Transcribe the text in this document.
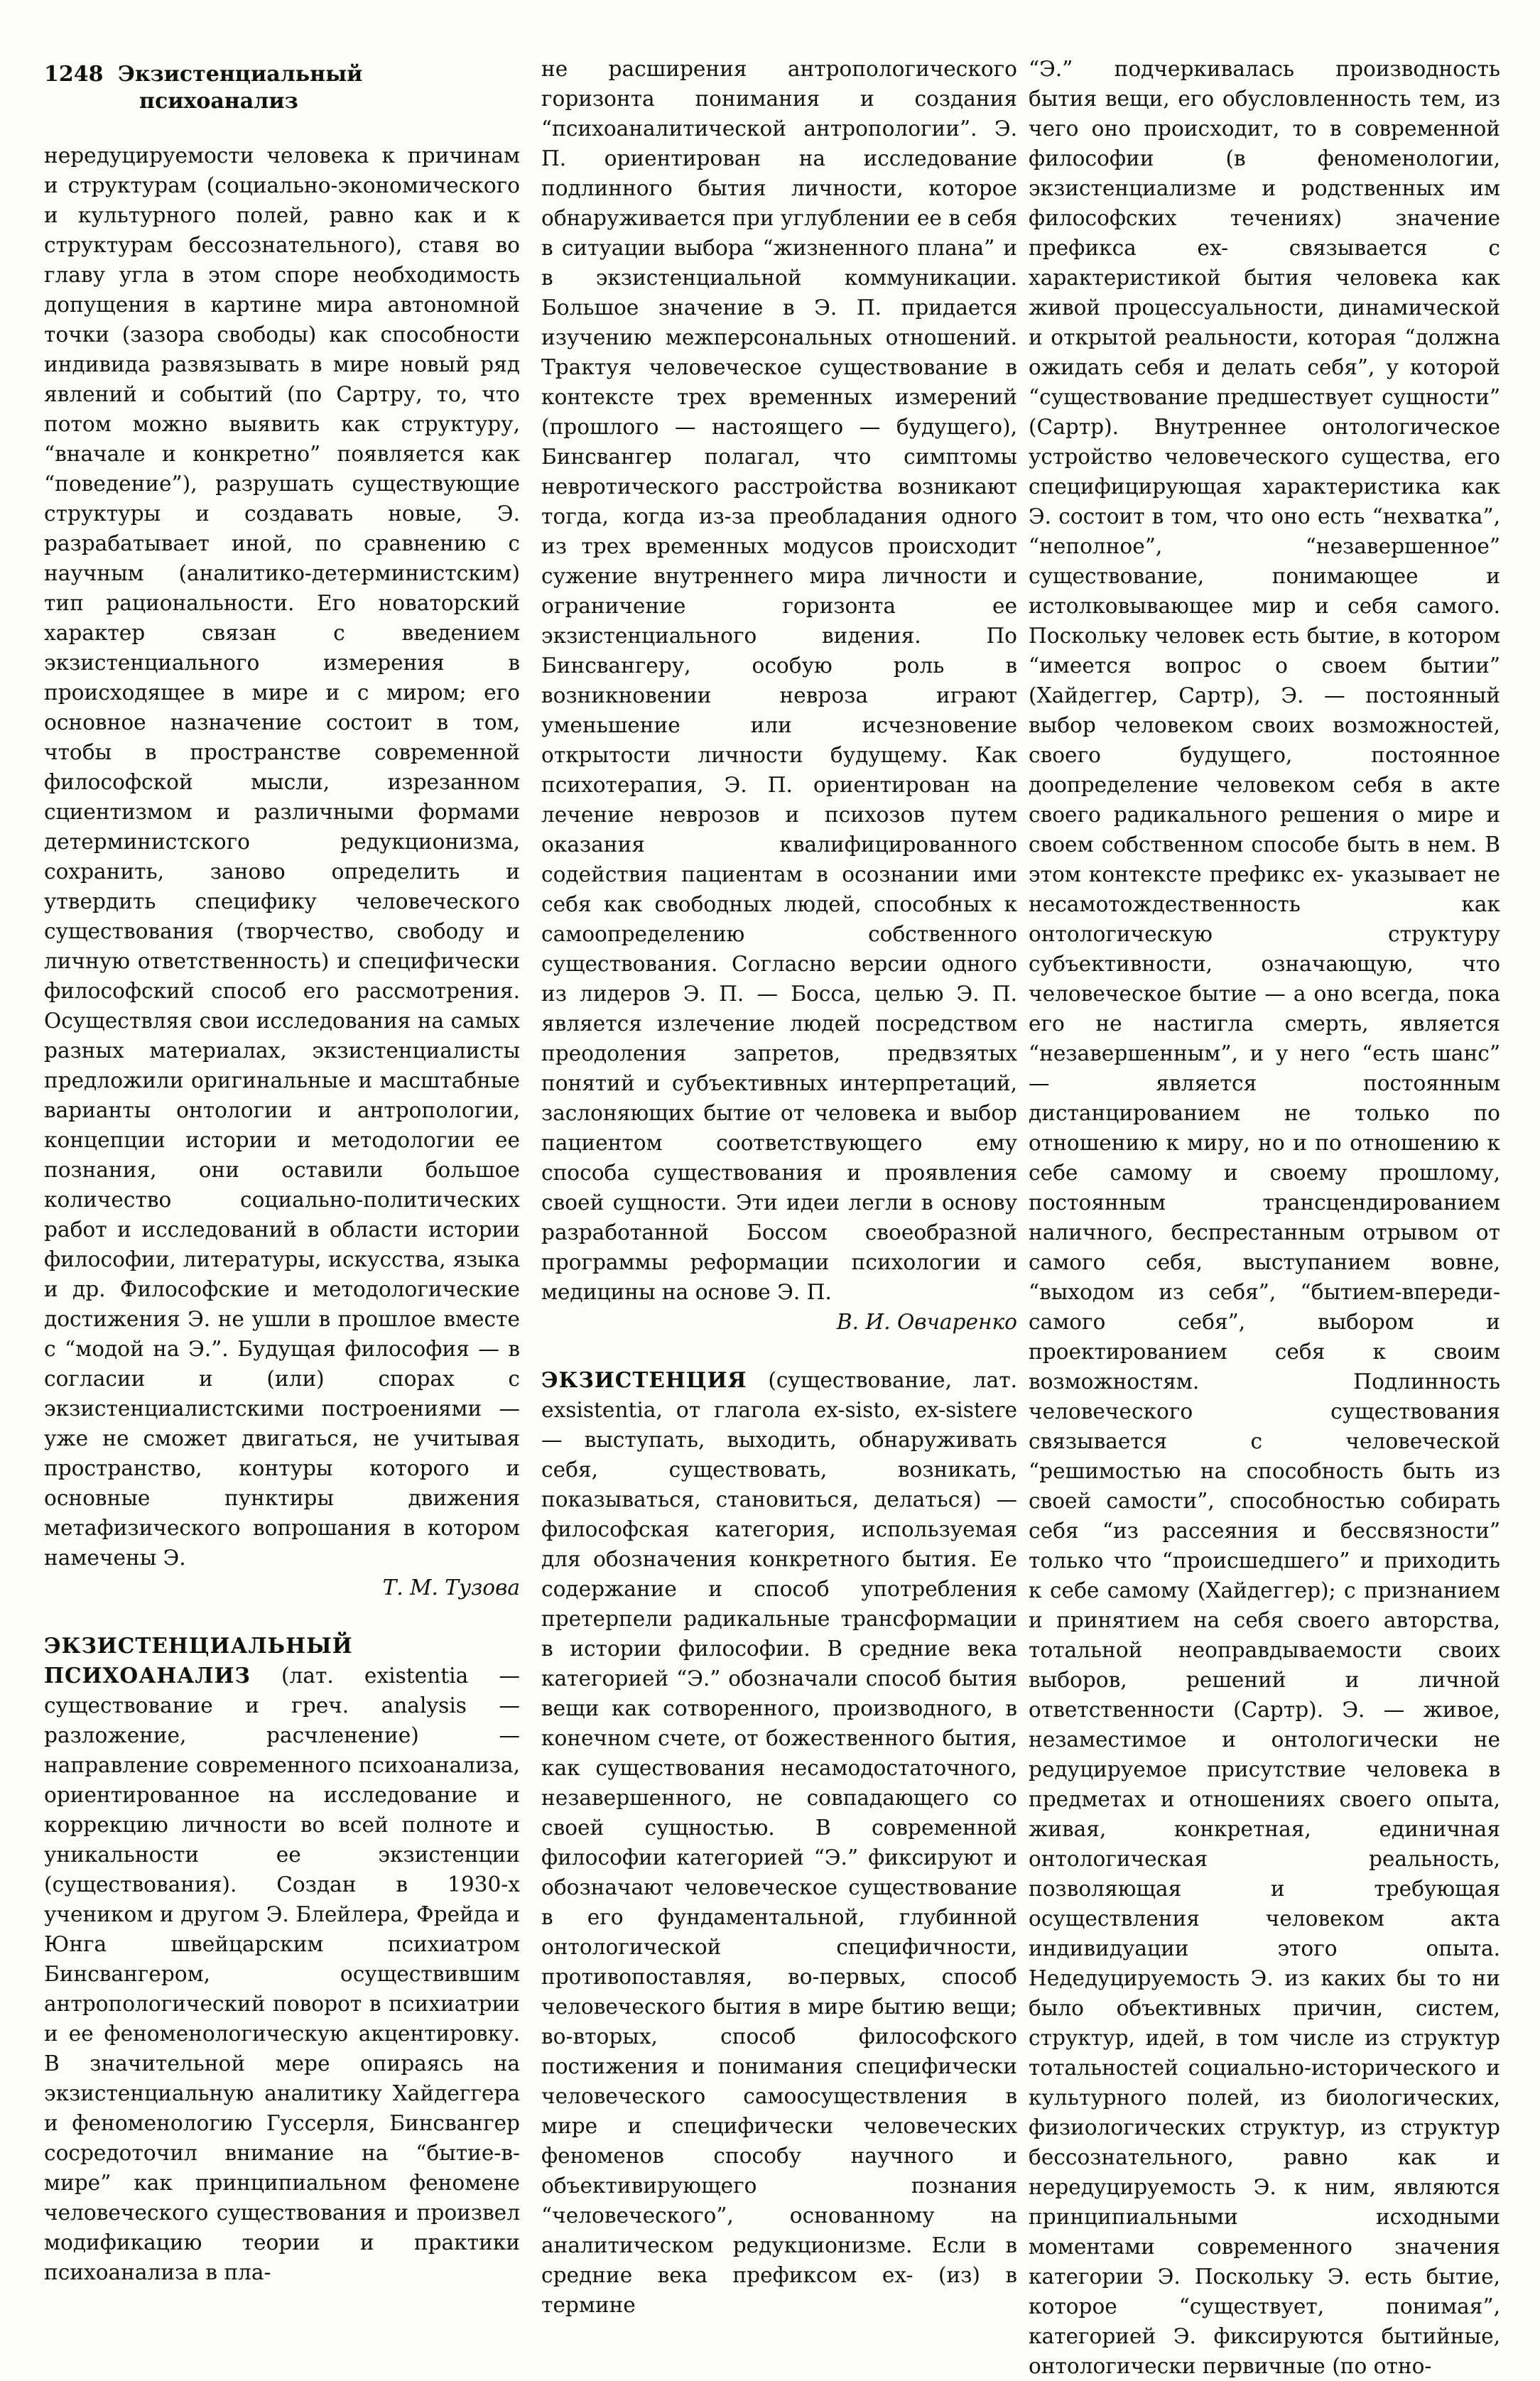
1248 Экзистенциальный
психоанализ

нередуцируемости человека к причинам и структурам (социально-экономического и культурного полей, равно как и к структурам бессознательного), ставя во главу угла в этом споре необходимость допущения в картине мира автономной точки (зазора свободы) как способности индивида развязывать в мире новый ряд явлений и событий (по Сартру, то, что потом можно выявить как структуру, “вначале и конкретно” появляется как “поведение”), разрушать существующие структуры и создавать новые, Э. разрабатывает иной, по сравнению с научным (аналитико-детерминистским) тип рациональности. Его новаторский характер связан с введением экзистенциального измерения в происходящее в мире и с миром; его основное назначение состоит в том, чтобы в пространстве современной философской мысли, изрезанном сциентизмом и различными формами детерминистского редукционизма, сохранить, заново определить и утвердить специфику человеческого существования (творчество, свободу и личную ответственность) и специфически философский способ его рассмотрения. Осуществляя свои исследования на самых разных материалах, экзистенциалисты предложили оригинальные и масштабные варианты онтологии и антропологии, концепции истории и методологии ее познания, они оставили большое количество социально-политических работ и исследований в области истории философии, литературы, искусства, языка и др. Философские и методологические достижения Э. не ушли в прошлое вместе с “модой на Э.”. Будущая философия — в согласии и (или) спорах с экзистенциалистскими построениями — уже не сможет двигаться, не учитывая пространство, контуры которого и основные пунктиры движения метафизического вопрошания в котором намечены Э.

Т. М. Тузова

ЭКЗИСТЕНЦИАЛЬНЫЙ ПСИХОАНАЛИЗ (лат. existentia — существование и греч. analysis — разложение, расчленение) — направление современного психоанализа, ориентированное на исследование и коррекцию личности во всей полноте и уникальности ее экзистенции (существования). Создан в 1930-х учеником и другом Э. Блейлера, Фрейда и Юнга швейцарским психиатром Бинсвангером, осуществившим антропологический поворот в психиатрии и ее феноменологическую акцентировку. В значительной мере опираясь на экзистенциальную аналитику Хайдеггера и феноменологию Гуссерля, Бинсвангер сосредоточил внимание на “бытие-в-мире” как принципиальном феномене человеческого существования и произвел модификацию теории и практики психоанализа в пла-

не расширения антропологического горизонта понимания и создания “психоаналитической антропологии”. Э. П. ориентирован на исследование подлинного бытия личности, которое обнаруживается при углублении ее в себя в ситуации выбора “жизненного плана” и в экзистенциальной коммуникации. Большое значение в Э. П. придается изучению межперсональных отношений. Трактуя человеческое существование в контексте трех временных измерений (прошлого — настоящего — будущего), Бинсвангер полагал, что симптомы невротического расстройства возникают тогда, когда из-за преобладания одного из трех временных модусов происходит сужение внутреннего мира личности и ограничение горизонта ее экзистенциального видения. По Бинсвангеру, особую роль в возникновении невроза играют уменьшение или исчезновение открытости личности будущему. Как психотерапия, Э. П. ориентирован на лечение неврозов и психозов путем оказания квалифицированного содействия пациентам в осознании ими себя как свободных людей, способных к самоопределению собственного существования. Согласно версии одного из лидеров Э. П. — Босса, целью Э. П. является излечение людей посредством преодоления запретов, предвзятых понятий и субъективных интерпретаций, заслоняющих бытие от человека и выбор пациентом соответствующего ему способа существования и проявления своей сущности. Эти идеи легли в основу разработанной Боссом своеобразной программы реформации психологии и медицины на основе Э. П.

В. И. Овчаренко

ЭКЗИСТЕНЦИЯ (существование, лат. exsistentia, от глагола ex-sisto, ex-sistere — выступать, выходить, обнаруживать себя, существовать, возникать, показываться, становиться, делаться) — философская категория, используемая для обозначения конкретного бытия. Ее содержание и способ употребления претерпели радикальные трансформации в истории философии. В средние века категорией “Э.” обозначали способ бытия вещи как сотворенного, производного, в конечном счете, от божественного бытия, как существования несамодостаточного, незавершенного, не совпадающего со своей сущностью. В современной философии категорией “Э.” фиксируют и обозначают человеческое существование в его фундаментальной, глубинной онтологической специфичности, противопоставляя, во-первых, способ человеческого бытия в мире бытию вещи; во-вторых, способ философского постижения и понимания специфически человеческого самоосуществления в мире и специфически человеческих феноменов способу научного и объективирующего познания “человеческого”, основанному на аналитическом редукционизме. Если в средние века префиксом ex- (из) в термине

“Э.” подчеркивалась производность бытия вещи, его обусловленность тем, из чего оно происходит, то в современной философии (в феноменологии, экзистенциализме и родственных им философских течениях) значение префикса ex- связывается с характеристикой бытия человека как живой процессуальности, динамической и открытой реальности, которая “должна ожидать себя и делать себя”, у которой “существование предшествует сущности” (Сартр). Внутреннее онтологическое устройство человеческого существа, его специфицирующая характеристика как Э. состоит в том, что оно есть “нехватка”, “неполное”, “незавершенное” существование, понимающее и истолковывающее мир и себя самого. Поскольку человек есть бытие, в котором “имеется вопрос о своем бытии” (Хайдеггер, Сартр), Э. — постоянный выбор человеком своих возможностей, своего будущего, постоянное доопределение человеком себя в акте своего радикального решения о мире и своем собственном способе быть в нем. В этом контексте префикс ex- указывает не несамотождественность как онтологическую структуру субъективности, означающую, что человеческое бытие — а оно всегда, пока его не настигла смерть, является “незавершенным”, и у него “есть шанс” — является постоянным дистанцированием не только по отношению к миру, но и по отношению к себе самому и своему прошлому, постоянным трансцендированием наличного, беспрестанным отрывом от самого себя, выступанием вовне, “выходом из себя”, “бытием-впереди-самого себя”, выбором и проектированием себя к своим возможностям. Подлинность человеческого существования связывается с человеческой “решимостью на способность быть из своей самости”, способностью собирать себя “из рассеяния и бессвязности” только что “происшедшего” и приходить к себе самому (Хайдеггер); с признанием и принятием на себя своего авторства, тотальной неоправдываемости своих выборов, решений и личной ответственности (Сартр). Э. — живое, незаместимое и онтологически не редуцируемое присутствие человека в предметах и отношениях своего опыта, живая, конкретная, единичная онтологическая реальность, позволяющая и требующая осуществления человеком акта индивидуации этого опыта. Недедуцируемость Э. из каких бы то ни было объективных причин, систем, структур, идей, в том числе из структур тотальностей социально-исторического и культурного полей, из биологических, физиологических структур, из структур бессознательного, равно как и нередуцируемость Э. к ним, являются принципиальными исходными моментами современного значения категории Э. Поскольку Э. есть бытие, которое “существует, понимая”, категорией Э. фиксируются бытийные, онтологически первичные (по отно-
